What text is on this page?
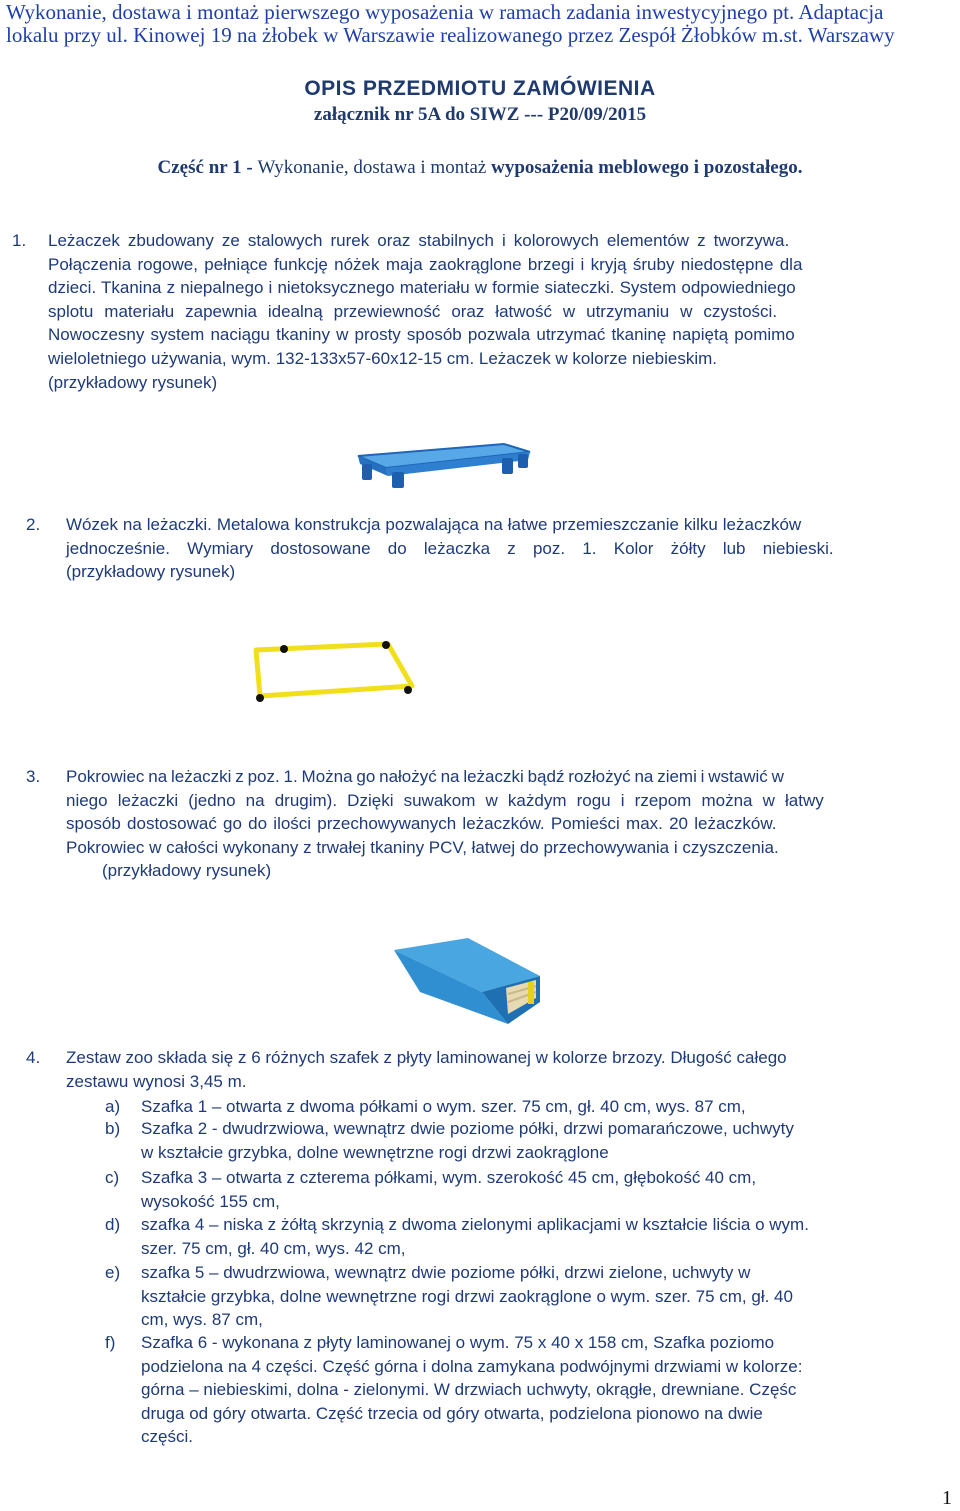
Wykonanie, dostawa i montaż pierwszego wyposażenia w ramach zadania inwestycyjnego pt. Adaptacja
lokalu przy ul. Kinowej 19 na żłobek w Warszawie realizowanego przez Zespół Żłobków m.st. Warszawy
OPIS PRZEDMIOTU ZAMÓWIENIA
załącznik nr 5A do SIWZ --- P20/09/2015
Część nr 1 - Wykonanie, dostawa i montaż wyposażenia meblowego i pozostałego.
1. Leżaczek zbudowany ze stalowych rurek oraz stabilnych i kolorowych elementów z tworzywa.
Połączenia rogowe, pełniące funkcję nóżek maja zaokrąglone brzegi i kryją śruby niedostępne dla
dzieci. Tkanina z niepalnego i nietoksycznego materiału w formie siateczki. System odpowiedniego
splotu materiału zapewnia idealną przewiewność oraz łatwość w utrzymaniu w czystości.
Nowoczesny system naciągu tkaniny w prosty sposób pozwala utrzymać tkaninę napiętą pomimo
wieloletniego używania, wym. 132-133x57-60x12-15 cm. Leżaczek w kolorze niebieskim.
(przykładowy rysunek)
2. Wózek na leżaczki. Metalowa konstrukcja pozwalająca na łatwe przemieszczanie kilku leżaczków
jednocześnie. Wymiary dostosowane do leżaczka z poz. 1. Kolor żółty lub niebieski.
(przykładowy rysunek)
3. Pokrowiec na leżaczki z poz. 1. Można go nałożyć na leżaczki bądź rozłożyć na ziemi i wstawić w
niego leżaczki (jedno na drugim). Dzięki suwakom w każdym rogu i rzepom można w łatwy
sposób dostosować go do ilości przechowywanych leżaczków. Pomieści max. 20 leżaczków.
Pokrowiec w całości wykonany z trwałej tkaniny PCV, łatwej do przechowywania i czyszczenia.
(przykładowy rysunek)
4. Zestaw zoo składa się z 6 różnych szafek z płyty laminowanej w kolorze brzozy. Długość całego
zestawu wynosi 3,45 m.
a) Szafka 1 – otwarta z dwoma półkami o wym. szer. 75 cm, gł. 40 cm, wys. 87 cm,
b) Szafka 2 - dwudrzwiowa, wewnątrz dwie poziome półki, drzwi pomarańczowe, uchwyty
w kształcie grzybka, dolne wewnętrzne rogi drzwi zaokrąglone
c) Szafka 3 – otwarta z czterema półkami, wym. szerokość 45 cm, głębokość 40 cm,
wysokość 155 cm,
d) szafka 4 – niska z żółtą skrzynią z dwoma zielonymi aplikacjami w kształcie liścia o wym.
szer. 75 cm, gł. 40 cm, wys. 42 cm,
e) szafka 5 – dwudrzwiowa, wewnątrz dwie poziome półki, drzwi zielone, uchwyty w
kształcie grzybka, dolne wewnętrzne rogi drzwi zaokrąglone o wym. szer. 75 cm, gł. 40
cm, wys. 87 cm,
f) Szafka 6 - wykonana z płyty laminowanej o wym. 75 x 40 x 158 cm, Szafka poziomo
podzielona na 4 części. Część górna i dolna zamykana podwójnymi drzwiami w kolorze:
górna – niebieskimi, dolna - zielonymi. W drzwiach uchwyty, okrągłe, drewniane. Częśc
druga od góry otwarta. Część trzecia od góry otwarta, podzielona pionowo na dwie
części.
1
